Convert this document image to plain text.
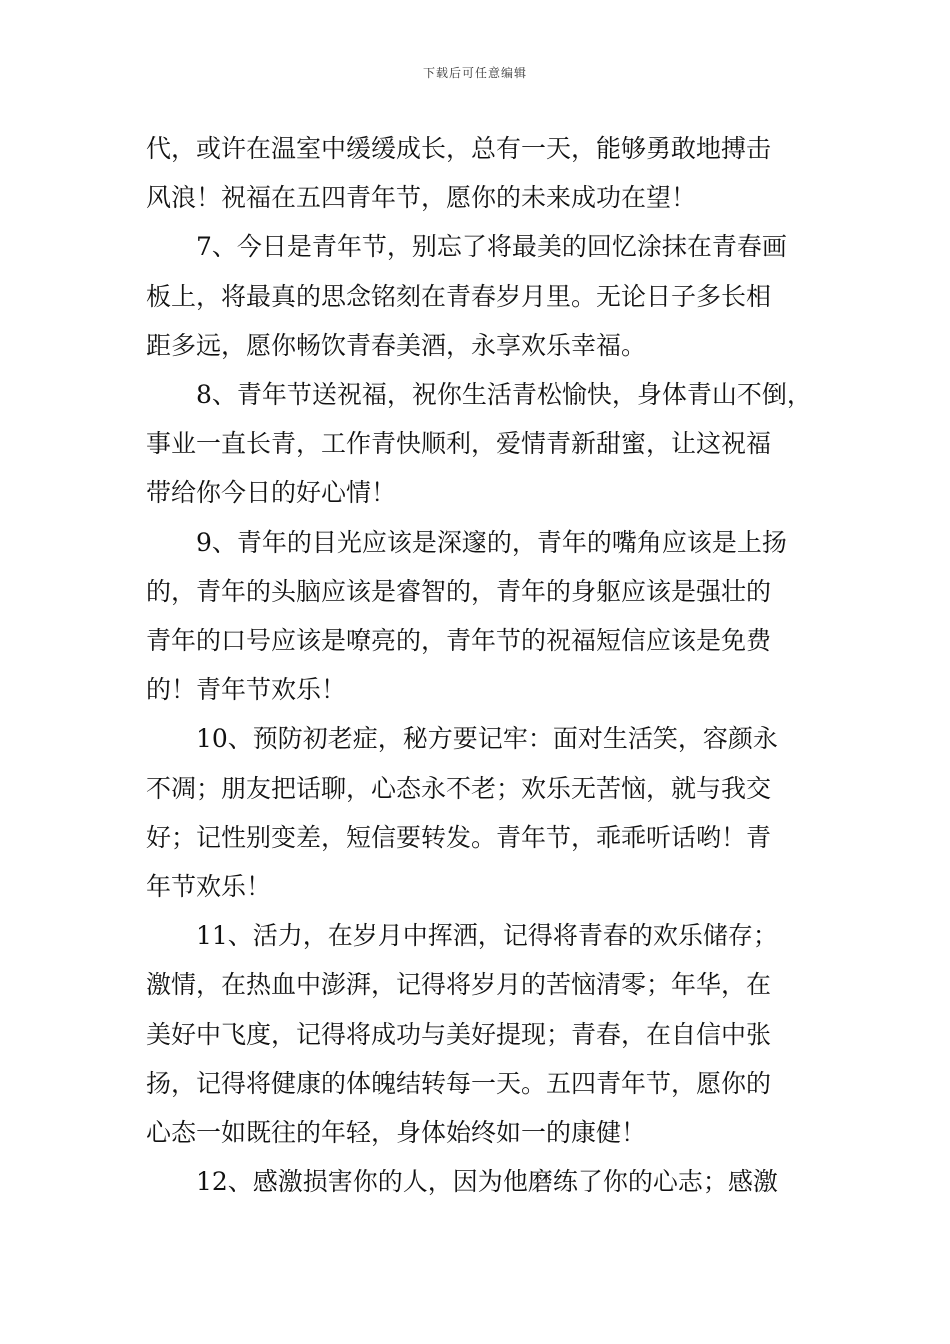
下载后可任意编辑

代，或许在温室中缓缓成长，总有一天，能够勇敢地搏击
风浪！祝福在五四青年节，愿你的未来成功在望！

7、今日是青年节，别忘了将最美的回忆涂抹在青春画
板上，将最真的思念铭刻在青春岁月里。无论日子多长相
距多远，愿你畅饮青春美酒，永享欢乐幸福。

8、青年节送祝福，祝你生活青松愉快，身体青山不倒，
事业一直长青，工作青快顺利，爱情青新甜蜜，让这祝福
带给你今日的好心情！

9、青年的目光应该是深邃的，青年的嘴角应该是上扬
的，青年的头脑应该是睿智的，青年的身躯应该是强壮的
青年的口号应该是嘹亮的，青年节的祝福短信应该是免费
的！青年节欢乐！

10、预防初老症，秘方要记牢：面对生活笑，容颜永
不凋；朋友把话聊，心态永不老；欢乐无苦恼，就与我交
好；记性别变差，短信要转发。青年节，乖乖听话哟！青
年节欢乐！

11、活力，在岁月中挥洒，记得将青春的欢乐储存；
激情，在热血中澎湃，记得将岁月的苦恼清零；年华，在
美好中飞度，记得将成功与美好提现；青春，在自信中张
扬，记得将健康的体魄结转每一天。五四青年节，愿你的
心态一如既往的年轻，身体始终如一的康健！

12、感激损害你的人，因为他磨练了你的心志；感激
